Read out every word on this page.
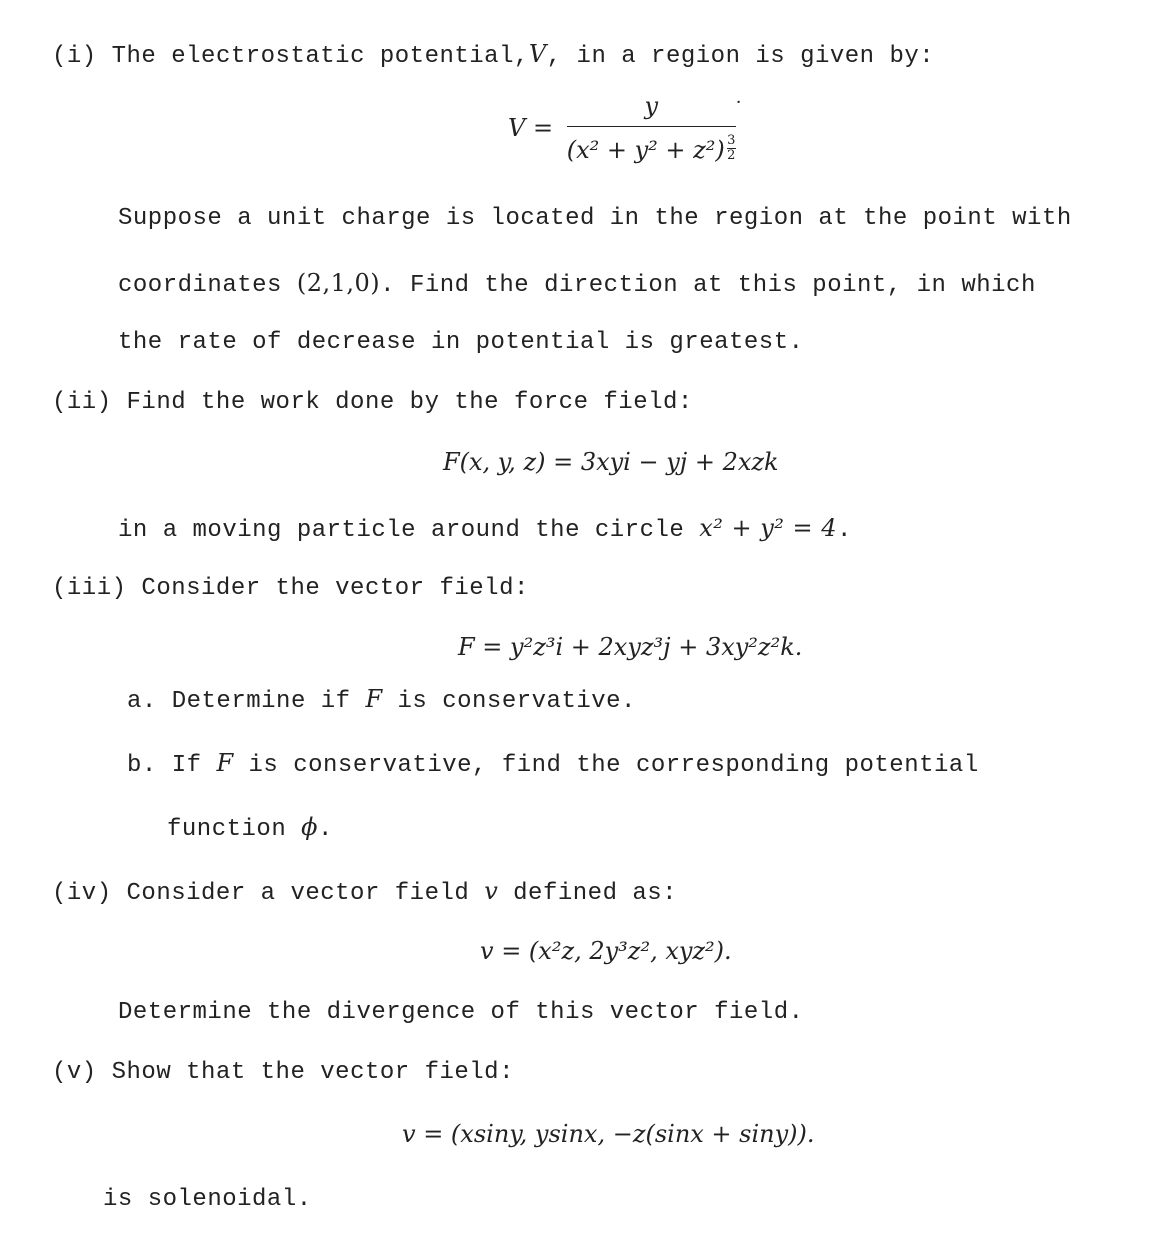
(i) The electrostatic potential,V, in a region is given by:
$V = \frac{y}{(x^2 + y^2 + z^2) \frac{3}{2}} ^\cdot$
Suppose a unit charge is located in the region at the point with
coordinates (2,1,0). Find the direction at this point, in which
the rate of decrease in potential is greatest.
(ii) Find the work done by the force field:
F(x, y, z) = 3xyi − yj + 2xzk
in a moving particle around the circle x² + y² = 4.
(iii) Consider the vector field:
F = y²z³i + 2xyz³j + 3xy²z²k.
a. Determine if F is conservative.
b. If F is conservative, find the corresponding potential
function ϕ.
(iv) Consider a vector field v defined as:
v = (x²z, 2y³z², xyz²).
Determine the divergence of this vector field.
(v) Show that the vector field:
v = (xsiny, ysinx, −z(sinx + siny)).
is solenoidal.
